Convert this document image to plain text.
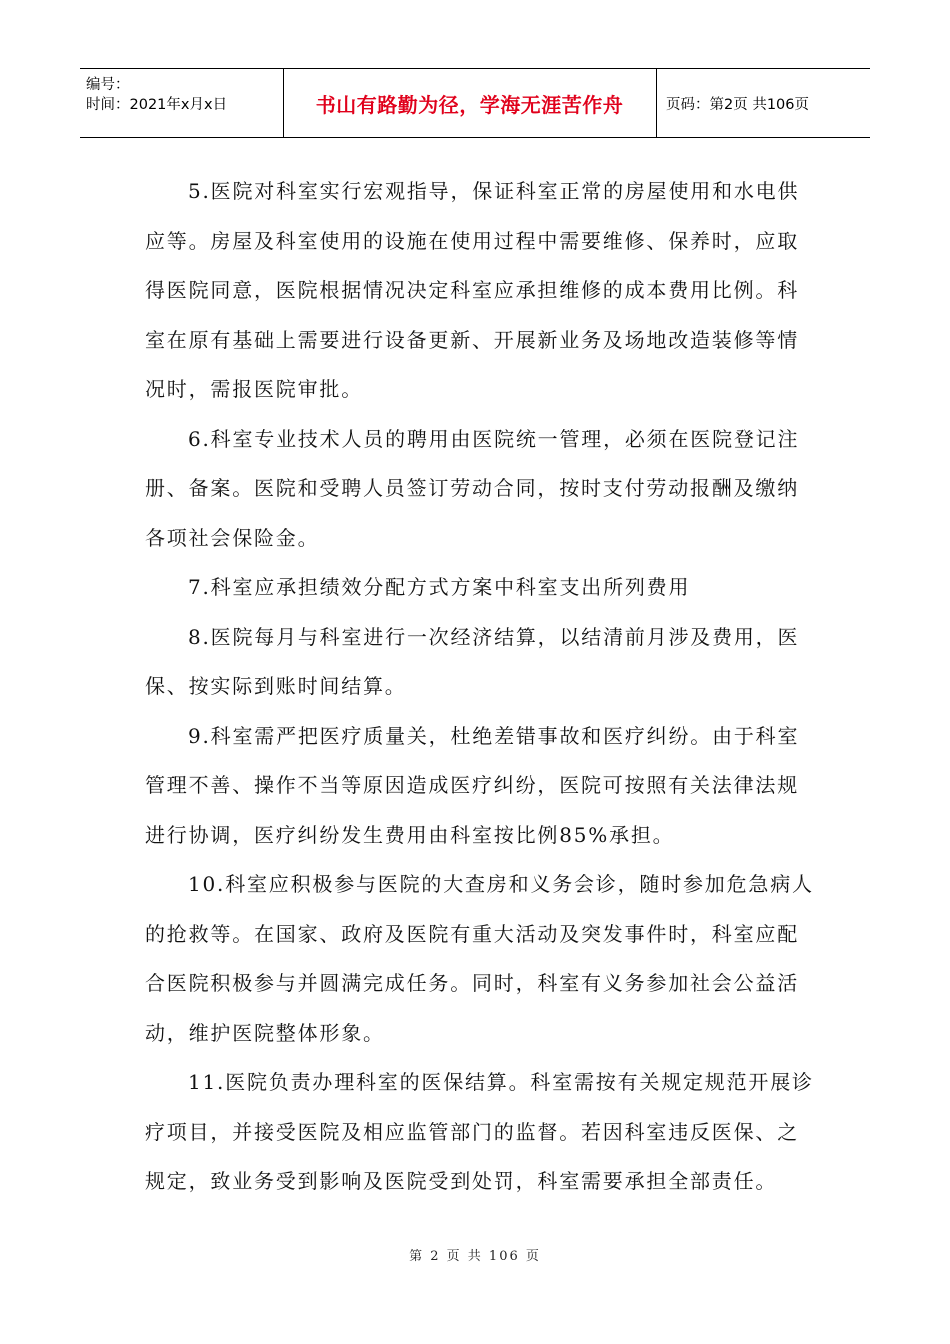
编号：
时间：2021年x月x日	书山有路勤为径，学海无涯苦作舟	页码：第2页 共106页

5.医院对科室实行宏观指导，保证科室正常的房屋使用和水电供应等。房屋及科室使用的设施在使用过程中需要维修、保养时，应取得医院同意，医院根据情况决定科室应承担维修的成本费用比例。科室在原有基础上需要进行设备更新、开展新业务及场地改造装修等情况时，需报医院审批。

6.科室专业技术人员的聘用由医院统一管理，必须在医院登记注册、备案。医院和受聘人员签订劳动合同，按时支付劳动报酬及缴纳各项社会保险金。

7.科室应承担绩效分配方式方案中科室支出所列费用

8.医院每月与科室进行一次经济结算，以结清前月涉及费用，医保、按实际到账时间结算。

9.科室需严把医疗质量关，杜绝差错事故和医疗纠纷。由于科室管理不善、操作不当等原因造成医疗纠纷，医院可按照有关法律法规进行协调，医疗纠纷发生费用由科室按比例85%承担。

10.科室应积极参与医院的大查房和义务会诊，随时参加危急病人的抢救等。在国家、政府及医院有重大活动及突发事件时，科室应配合医院积极参与并圆满完成任务。同时，科室有义务参加社会公益活动，维护医院整体形象。

11.医院负责办理科室的医保结算。科室需按有关规定规范开展诊疗项目，并接受医院及相应监管部门的监督。若因科室违反医保、之规定，致业务受到影响及医院受到处罚，科室需要承担全部责任。

第 2 页 共 106 页
